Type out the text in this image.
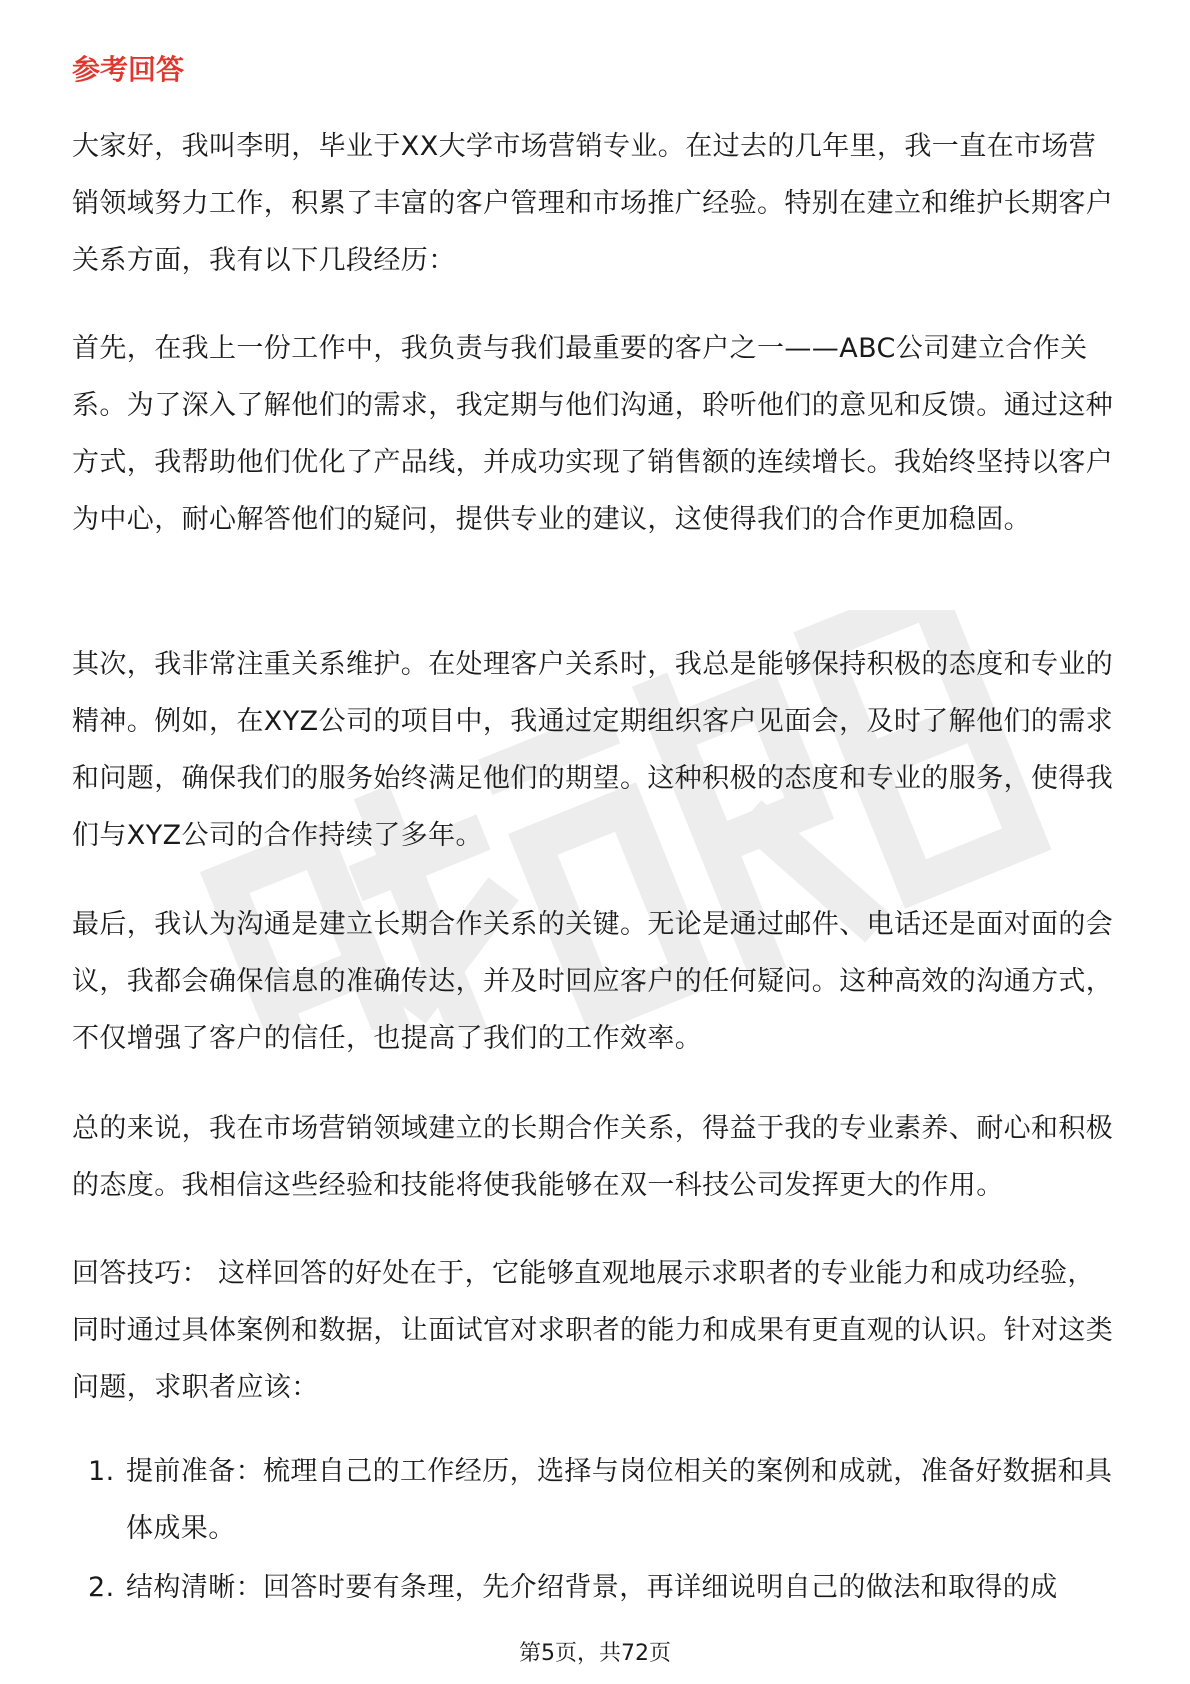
参考回答
大家好，我叫李明，毕业于XX大学市场营销专业。在过去的几年里，我一直在市场营销领域努力工作，积累了丰富的客户管理和市场推广经验。特别在建立和维护长期客户关系方面，我有以下几段经历：
首先，在我上一份工作中，我负责与我们最重要的客户之一——ABC公司建立合作关系。为了深入了解他们的需求，我定期与他们沟通，聆听他们的意见和反馈。通过这种方式，我帮助他们优化了产品线，并成功实现了销售额的连续增长。我始终坚持以客户为中心，耐心解答他们的疑问，提供专业的建议，这使得我们的合作更加稳固。
其次，我非常注重关系维护。在处理客户关系时，我总是能够保持积极的态度和专业的精神。例如，在XYZ公司的项目中，我通过定期组织客户见面会，及时了解他们的需求和问题，确保我们的服务始终满足他们的期望。这种积极的态度和专业的服务，使得我们与XYZ公司的合作持续了多年。
最后，我认为沟通是建立长期合作关系的关键。无论是通过邮件、电话还是面对面的会议，我都会确保信息的准确传达，并及时回应客户的任何疑问。这种高效的沟通方式，不仅增强了客户的信任，也提高了我们的工作效率。
总的来说，我在市场营销领域建立的长期合作关系，得益于我的专业素养、耐心和积极的态度。我相信这些经验和技能将使我能够在双一科技公司发挥更大的作用。
回答技巧： 这样回答的好处在于，它能够直观地展示求职者的专业能力和成功经验，同时通过具体案例和数据，让面试官对求职者的能力和成果有更直观的认识。针对这类问题，求职者应该：
1. 提前准备：梳理自己的工作经历，选择与岗位相关的案例和成就，准备好数据和具体成果。
2. 结构清晰：回答时要有条理，先介绍背景，再详细说明自己的做法和取得的成
第5页，共72页
